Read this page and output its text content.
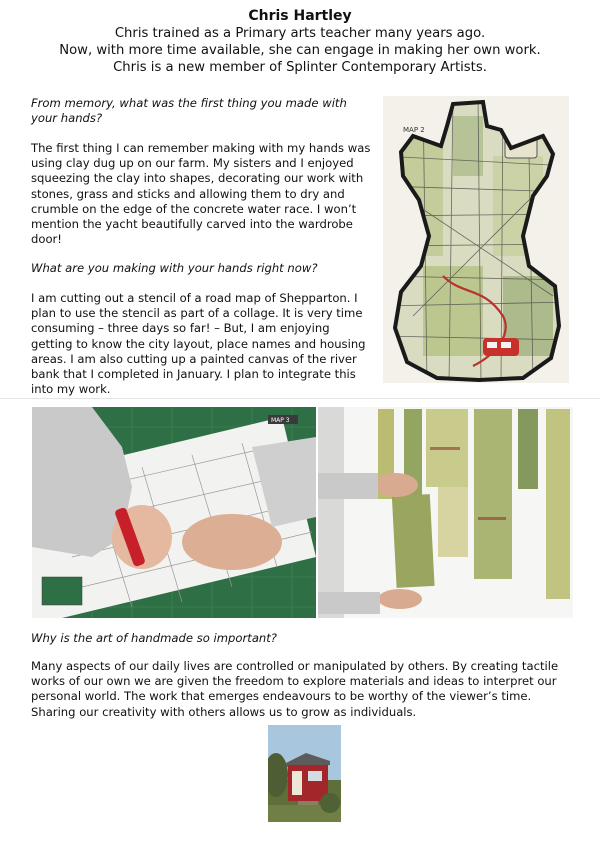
Chris Hartley
Chris trained as a Primary arts teacher many years ago.
Now, with more time available, she can engage in making her own work.
Chris is a new member of Splinter Contemporary Artists.
From memory, what was the first thing you made with your hands?
The first thing I can remember making with my hands was using clay dug up on our farm. My sisters and I enjoyed squeezing the clay into shapes, decorating our work with stones, grass and sticks and allowing them to dry and crumble on the edge of the concrete water race. I won’t mention the yacht beautifully carved into the wardrobe door!
What are you making with your hands right now?
I am cutting out a stencil of a road map of Shepparton. I plan to use the stencil as part of a collage. It is very time consuming – three days so far! – But, I am enjoying getting to know the city layout, place names and housing areas. I am also cutting up a painted canvas of the river bank that I completed in January. I plan to integrate this into my work.
MAP 2
MAP 3
Why is the art of handmade so important?
Many aspects of our daily lives are controlled or manipulated by others. By creating tactile works of our own we are given the freedom to explore materials and ideas to interpret our personal world. The work that emerges endeavours to be worthy of the viewer’s time. Sharing our creativity with others allows us to grow as individuals.
